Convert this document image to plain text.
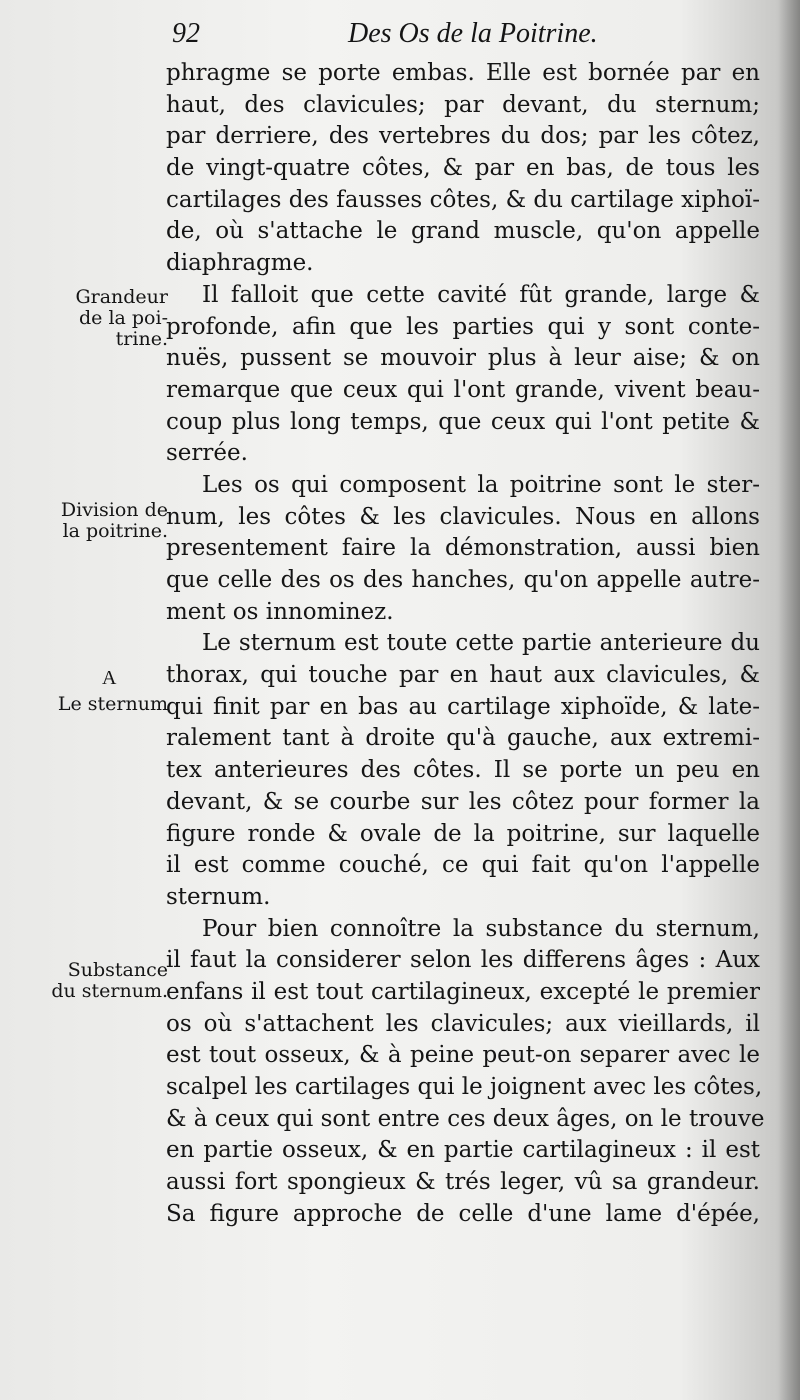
92	Des Os de la Poitrine.
phragme se porte embas. Elle est bornée par en
haut, des clavicules; par devant, du sternum;
par derriere, des vertebres du dos; par les côtez,
de vingt-quatre côtes, & par en bas, de tous les
cartilages des fausses côtes, & du cartilage xiphoï-
de, où s'attache le grand muscle, qu'on appelle
diaphragme.
Il falloit que cette cavité fût grande, large &
profonde, afin que les parties qui y sont conte-
nuës, pussent se mouvoir plus à leur aise; & on
remarque que ceux qui l'ont grande, vivent beau-
coup plus long temps, que ceux qui l'ont petite &
serrée.
Les os qui composent la poitrine sont le ster-
num, les côtes & les clavicules. Nous en allons
presentement faire la démonstration, aussi bien
que celle des os des hanches, qu'on appelle autre-
ment os innominez.
Le sternum est toute cette partie anterieure du
thorax, qui touche par en haut aux clavicules, &
qui finit par en bas au cartilage xiphoïde, & late-
ralement tant à droite qu'à gauche, aux extremi-
tex anterieures des côtes. Il se porte un peu en
devant, & se courbe sur les côtez pour former la
figure ronde & ovale de la poitrine, sur laquelle
il est comme couché, ce qui fait qu'on l'appelle
sternum.
Pour bien connoître la substance du sternum,
il faut la considerer selon les differens âges : Aux
enfans il est tout cartilagineux, excepté le premier
os où s'attachent les clavicules; aux vieillards, il
est tout osseux, & à peine peut-on separer avec le
scalpel les cartilages qui le joignent avec les côtes,
& à ceux qui sont entre ces deux âges, on le trouve
en partie osseux, & en partie cartilagineux : il est
aussi fort spongieux & trés leger, vû sa grandeur.
Sa figure approche de celle d'une lame d'épée,
Grandeur
de la poi-
trine.
Division de
la poitrine.
A
Le sternum
Substance
du sternum.
